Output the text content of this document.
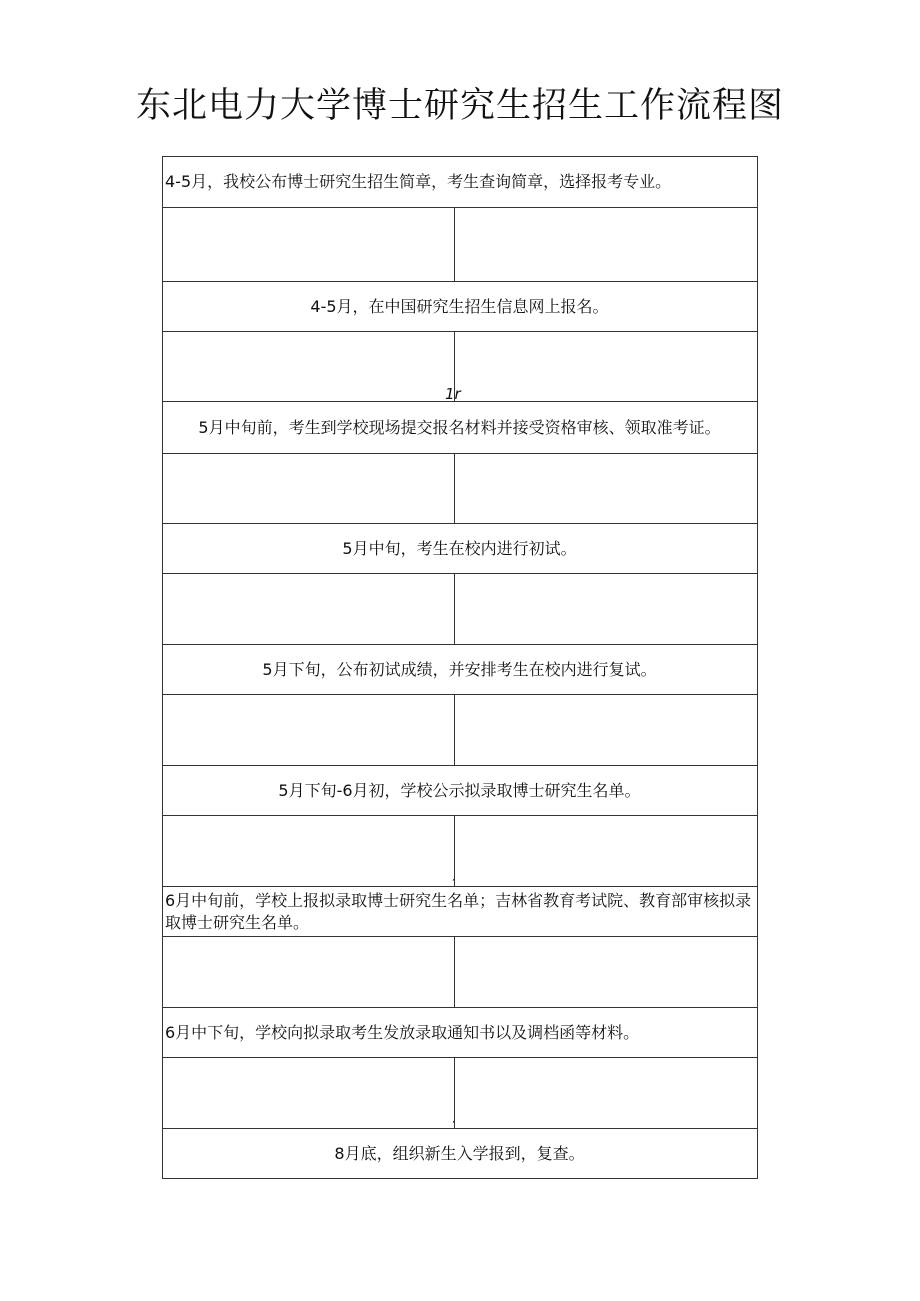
东北电力大学博士研究生招生工作流程图
4-5月，我校公布博士研究生招生简章，考生查询简章，选择报考专业。
4-5月，在中国研究生招生信息网上报名。
1r
5月中旬前，考生到学校现场提交报名材料并接受资格审核、领取准考证。
5月中旬，考生在校内进行初试。
5月下旬，公布初试成绩，并安排考生在校内进行复试。
5月下旬-6月初，学校公示拟录取博士研究生名单。
,
6月中旬前，学校上报拟录取博士研究生名单；吉林省教育考试院、教育部审核拟录取博士研究生名单。
6月中下旬，学校向拟录取考生发放录取通知书以及调档函等材料。
,
8月底，组织新生入学报到，复查。
